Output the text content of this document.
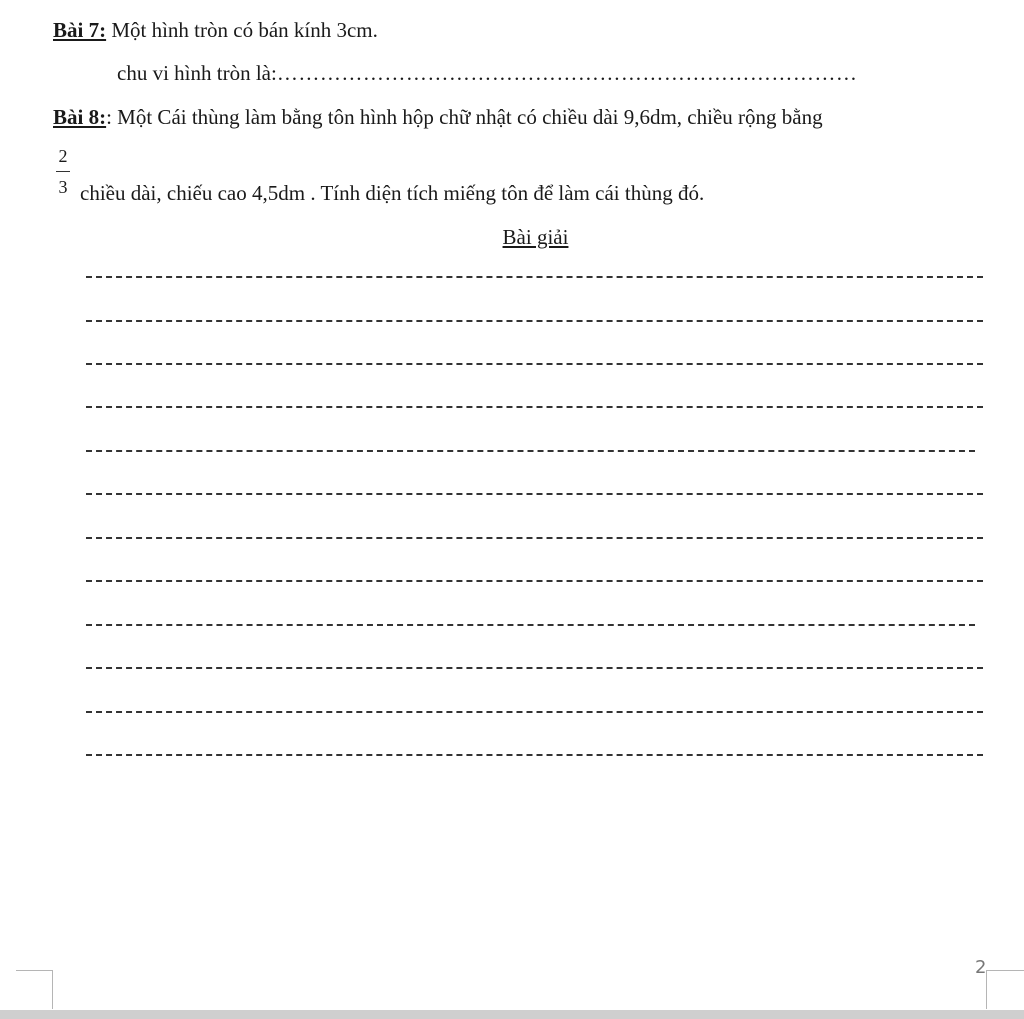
Bài 7: Một hình tròn có bán kính 3cm.
chu vi hình tròn là:………………………………………………………………………
Bài 8:: Một Cái thùng làm bằng tôn hình hộp chữ nhật có chiều dài 9,6dm, chiều rộng bằng
2
3 chiều dài, chiếu cao 4,5dm . Tính diện tích miếng tôn để làm cái thùng đó.
Bài giải
2
